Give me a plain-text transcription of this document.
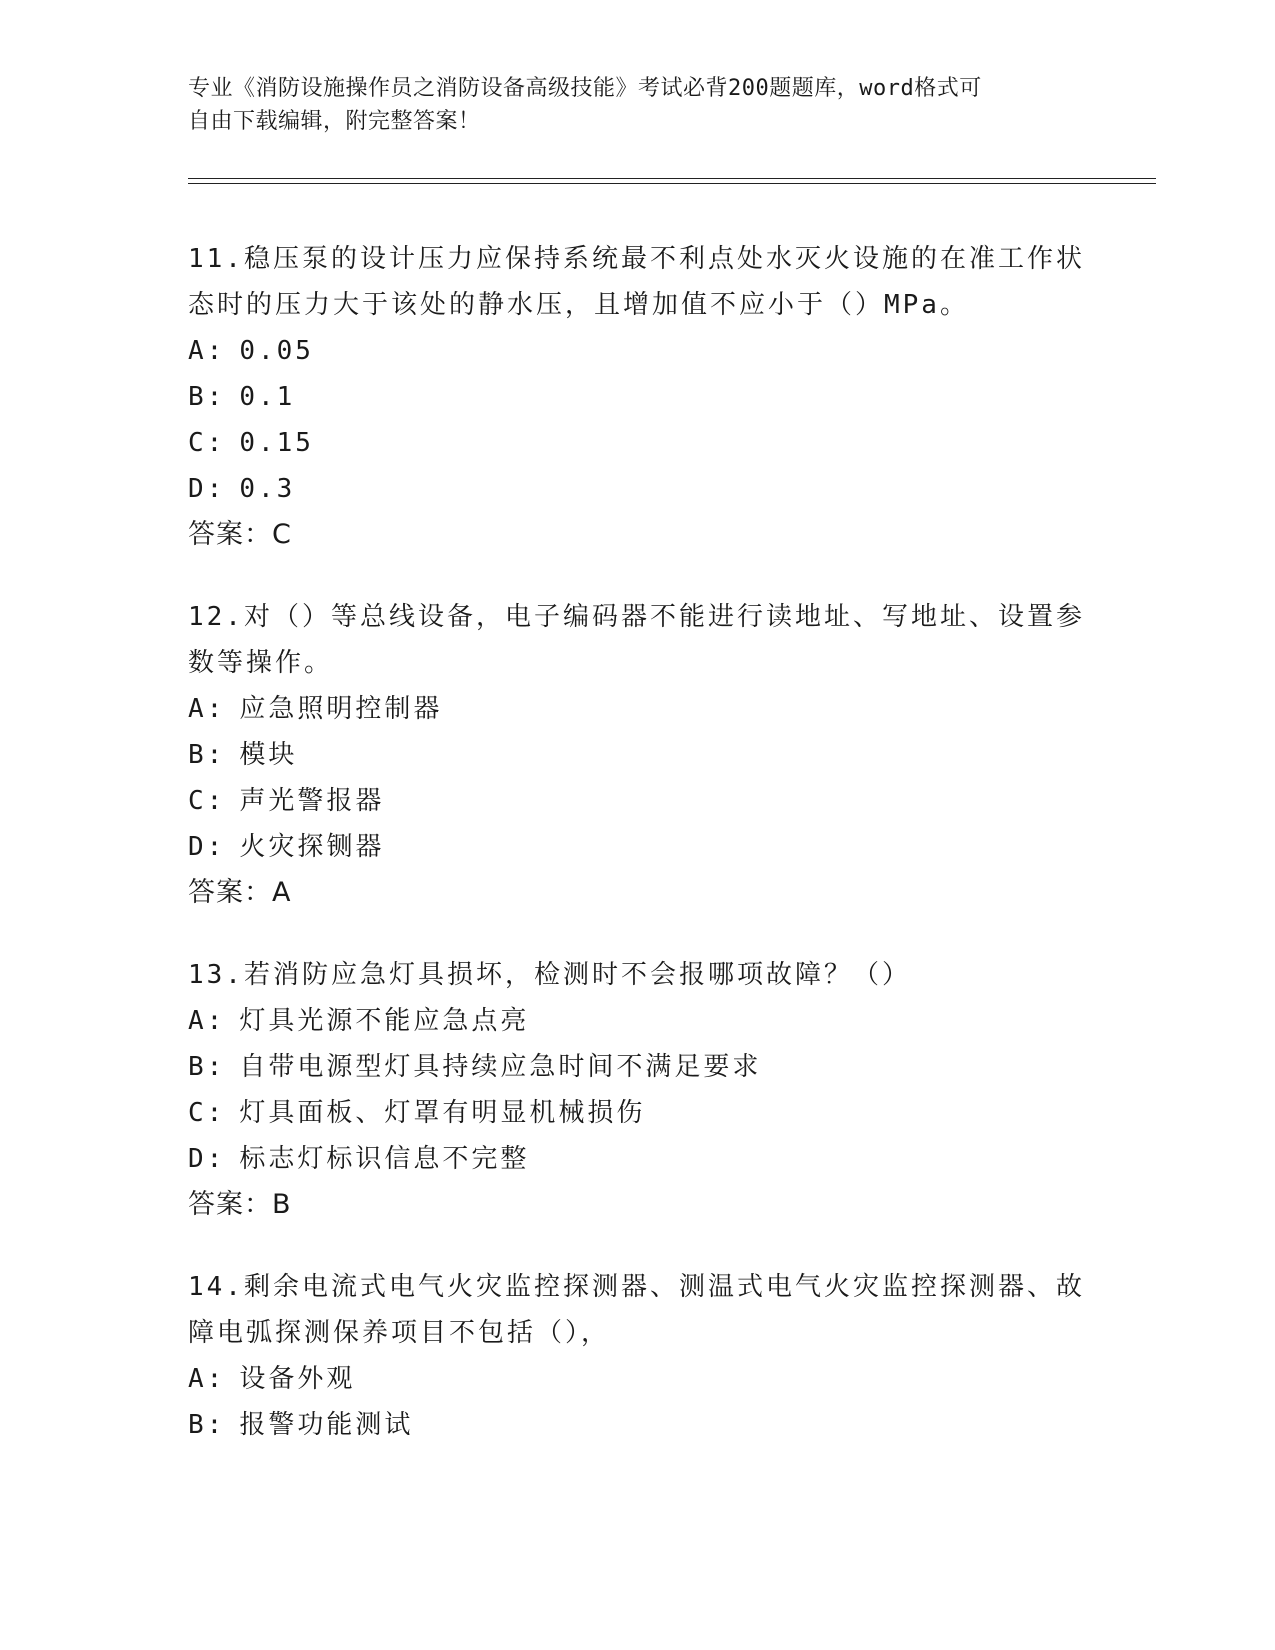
专业《消防设施操作员之消防设备高级技能》考试必背200题题库，word格式可
自由下载编辑，附完整答案！
11.稳压泵的设计压力应保持系统最不利点处水灭火设施的在准工作状态时的压力大于该处的静水压，且增加值不应小于（）MPa。
A: 0.05
B: 0.1
C: 0.15
D: 0.3
答案：C
12.对（）等总线设备，电子编码器不能进行读地址、写地址、设置参数等操作。
A: 应急照明控制器
B: 模块
C: 声光警报器
D: 火灾探铡器
答案：A
13.若消防应急灯具损坏，检测时不会报哪项故障？（）
A: 灯具光源不能应急点亮
B: 自带电源型灯具持续应急时间不满足要求
C: 灯具面板、灯罩有明显机械损伤
D: 标志灯标识信息不完整
答案：B
14.剩余电流式电气火灾监控探测器、测温式电气火灾监控探测器、故障电弧探测保养项目不包括（），
A: 设备外观
B: 报警功能测试
